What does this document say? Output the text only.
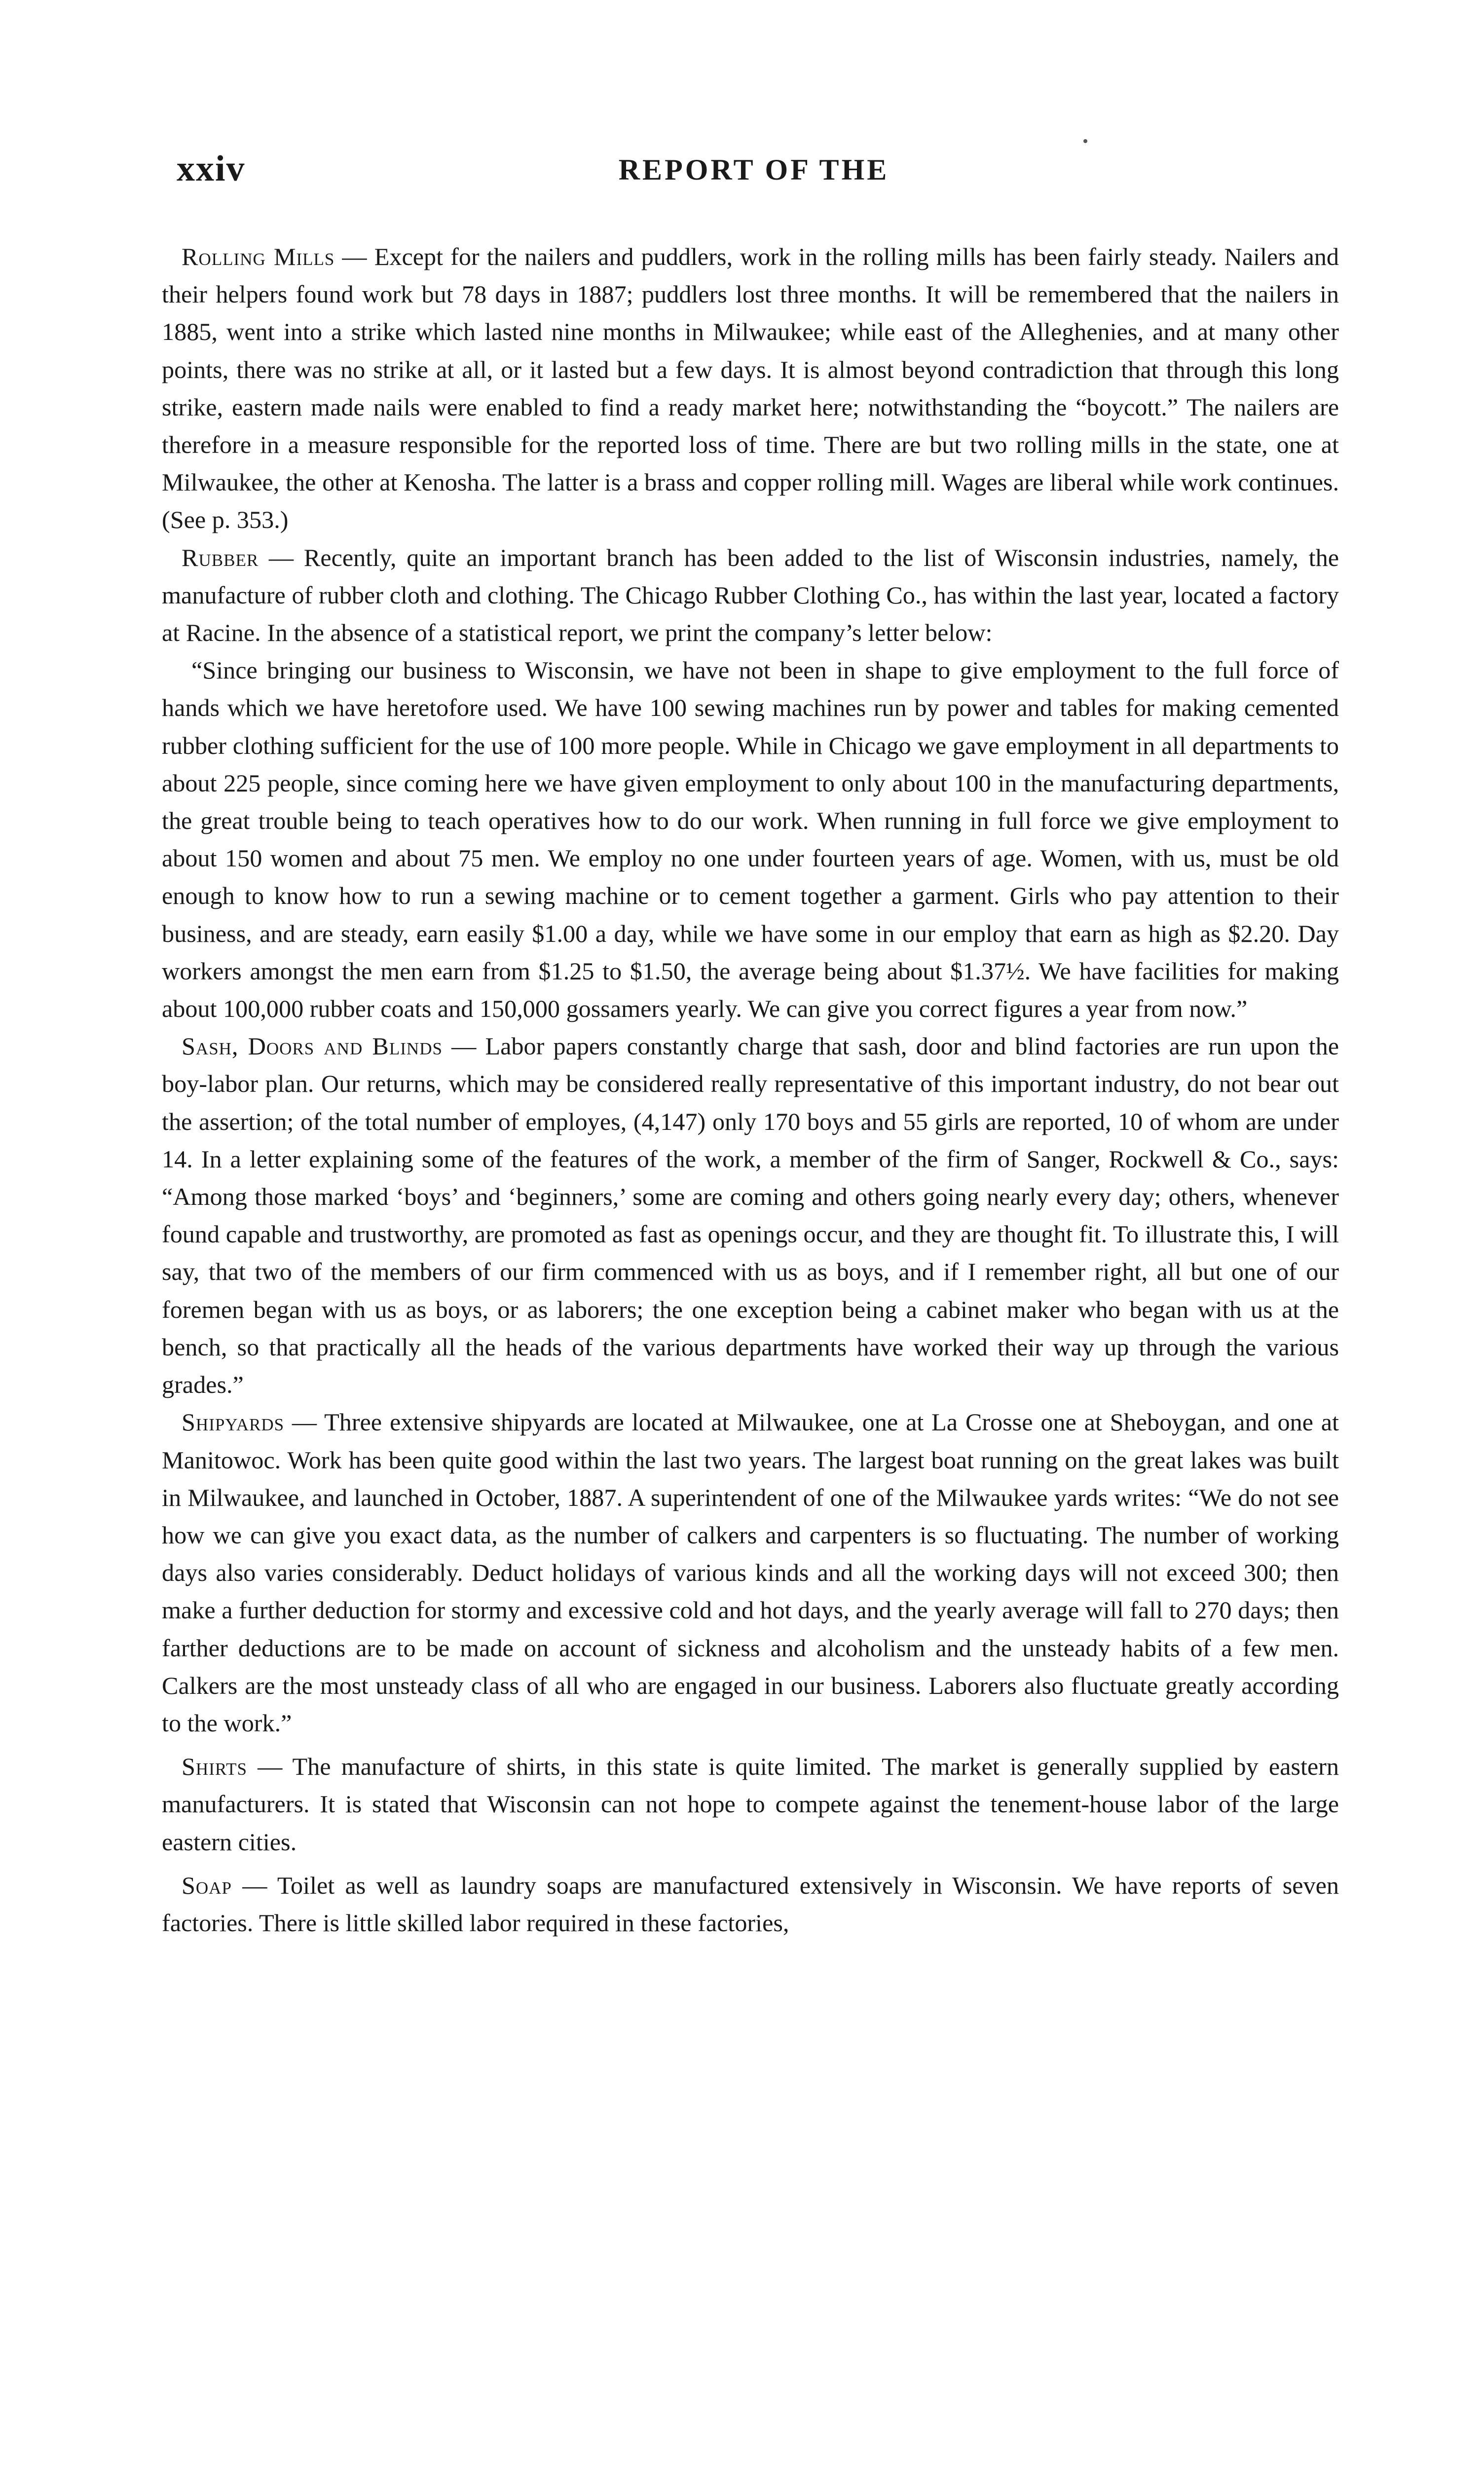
xxiv	REPORT OF THE

Rolling Mills — Except for the nailers and puddlers, work in the rolling mills has been fairly steady. Nailers and their helpers found work but 78 days in 1887; puddlers lost three months. It will be remembered that the nailers in 1885, went into a strike which lasted nine months in Milwaukee; while east of the Alleghenies, and at many other points, there was no strike at all, or it lasted but a few days. It is almost beyond contradiction that through this long strike, eastern made nails were enabled to find a ready market here; notwithstanding the “boycott.” The nailers are therefore in a measure responsible for the reported loss of time. There are but two rolling mills in the state, one at Milwaukee, the other at Kenosha. The latter is a brass and copper rolling mill. Wages are liberal while work continues. (See p. 353.)

Rubber — Recently, quite an important branch has been added to the list of Wisconsin industries, namely, the manufacture of rubber cloth and clothing. The Chicago Rubber Clothing Co., has within the last year, located a factory at Racine. In the absence of a statistical report, we print the company’s letter below:

“Since bringing our business to Wisconsin, we have not been in shape to give employment to the full force of hands which we have heretofore used. We have 100 sewing machines run by power and tables for making cemented rubber clothing sufficient for the use of 100 more people. While in Chicago we gave employment in all departments to about 225 people, since coming here we have given employment to only about 100 in the manufacturing departments, the great trouble being to teach operatives how to do our work. When running in full force we give employment to about 150 women and about 75 men. We employ no one under fourteen years of age. Women, with us, must be old enough to know how to run a sewing machine or to cement together a garment. Girls who pay attention to their business, and are steady, earn easily $1.00 a day, while we have some in our employ that earn as high as $2.20. Day workers amongst the men earn from $1.25 to $1.50, the average being about $1.37½. We have facilities for making about 100,000 rubber coats and 150,000 gossamers yearly. We can give you correct figures a year from now.”

Sash, Doors and Blinds — Labor papers constantly charge that sash, door and blind factories are run upon the boy-labor plan. Our returns, which may be considered really representative of this important industry, do not bear out the assertion; of the total number of employes, (4,147) only 170 boys and 55 girls are reported, 10 of whom are under 14. In a letter explaining some of the features of the work, a member of the firm of Sanger, Rockwell & Co., says: “Among those marked ‘boys’ and ‘beginners,’ some are coming and others going nearly every day; others, whenever found capable and trustworthy, are promoted as fast as openings occur, and they are thought fit. To illustrate this, I will say, that two of the members of our firm commenced with us as boys, and if I remember right, all but one of our foremen began with us as boys, or as laborers; the one exception being a cabinet maker who began with us at the bench, so that practically all the heads of the various departments have worked their way up through the various grades.”

Shipyards — Three extensive shipyards are located at Milwaukee, one at La Crosse one at Sheboygan, and one at Manitowoc. Work has been quite good within the last two years. The largest boat running on the great lakes was built in Milwaukee, and launched in October, 1887. A superintendent of one of the Milwaukee yards writes: “We do not see how we can give you exact data, as the number of calkers and carpenters is so fluctuating. The number of working days also varies considerably. Deduct holidays of various kinds and all the working days will not exceed 300; then make a further deduction for stormy and excessive cold and hot days, and the yearly average will fall to 270 days; then farther deductions are to be made on account of sickness and alcoholism and the unsteady habits of a few men. Calkers are the most unsteady class of all who are engaged in our business. Laborers also fluctuate greatly according to the work.”

Shirts — The manufacture of shirts, in this state is quite limited. The market is generally supplied by eastern manufacturers. It is stated that Wisconsin can not hope to compete against the tenement-house labor of the large eastern cities.

Soap — Toilet as well as laundry soaps are manufactured extensively in Wisconsin. We have reports of seven factories. There is little skilled labor required in these factories,
